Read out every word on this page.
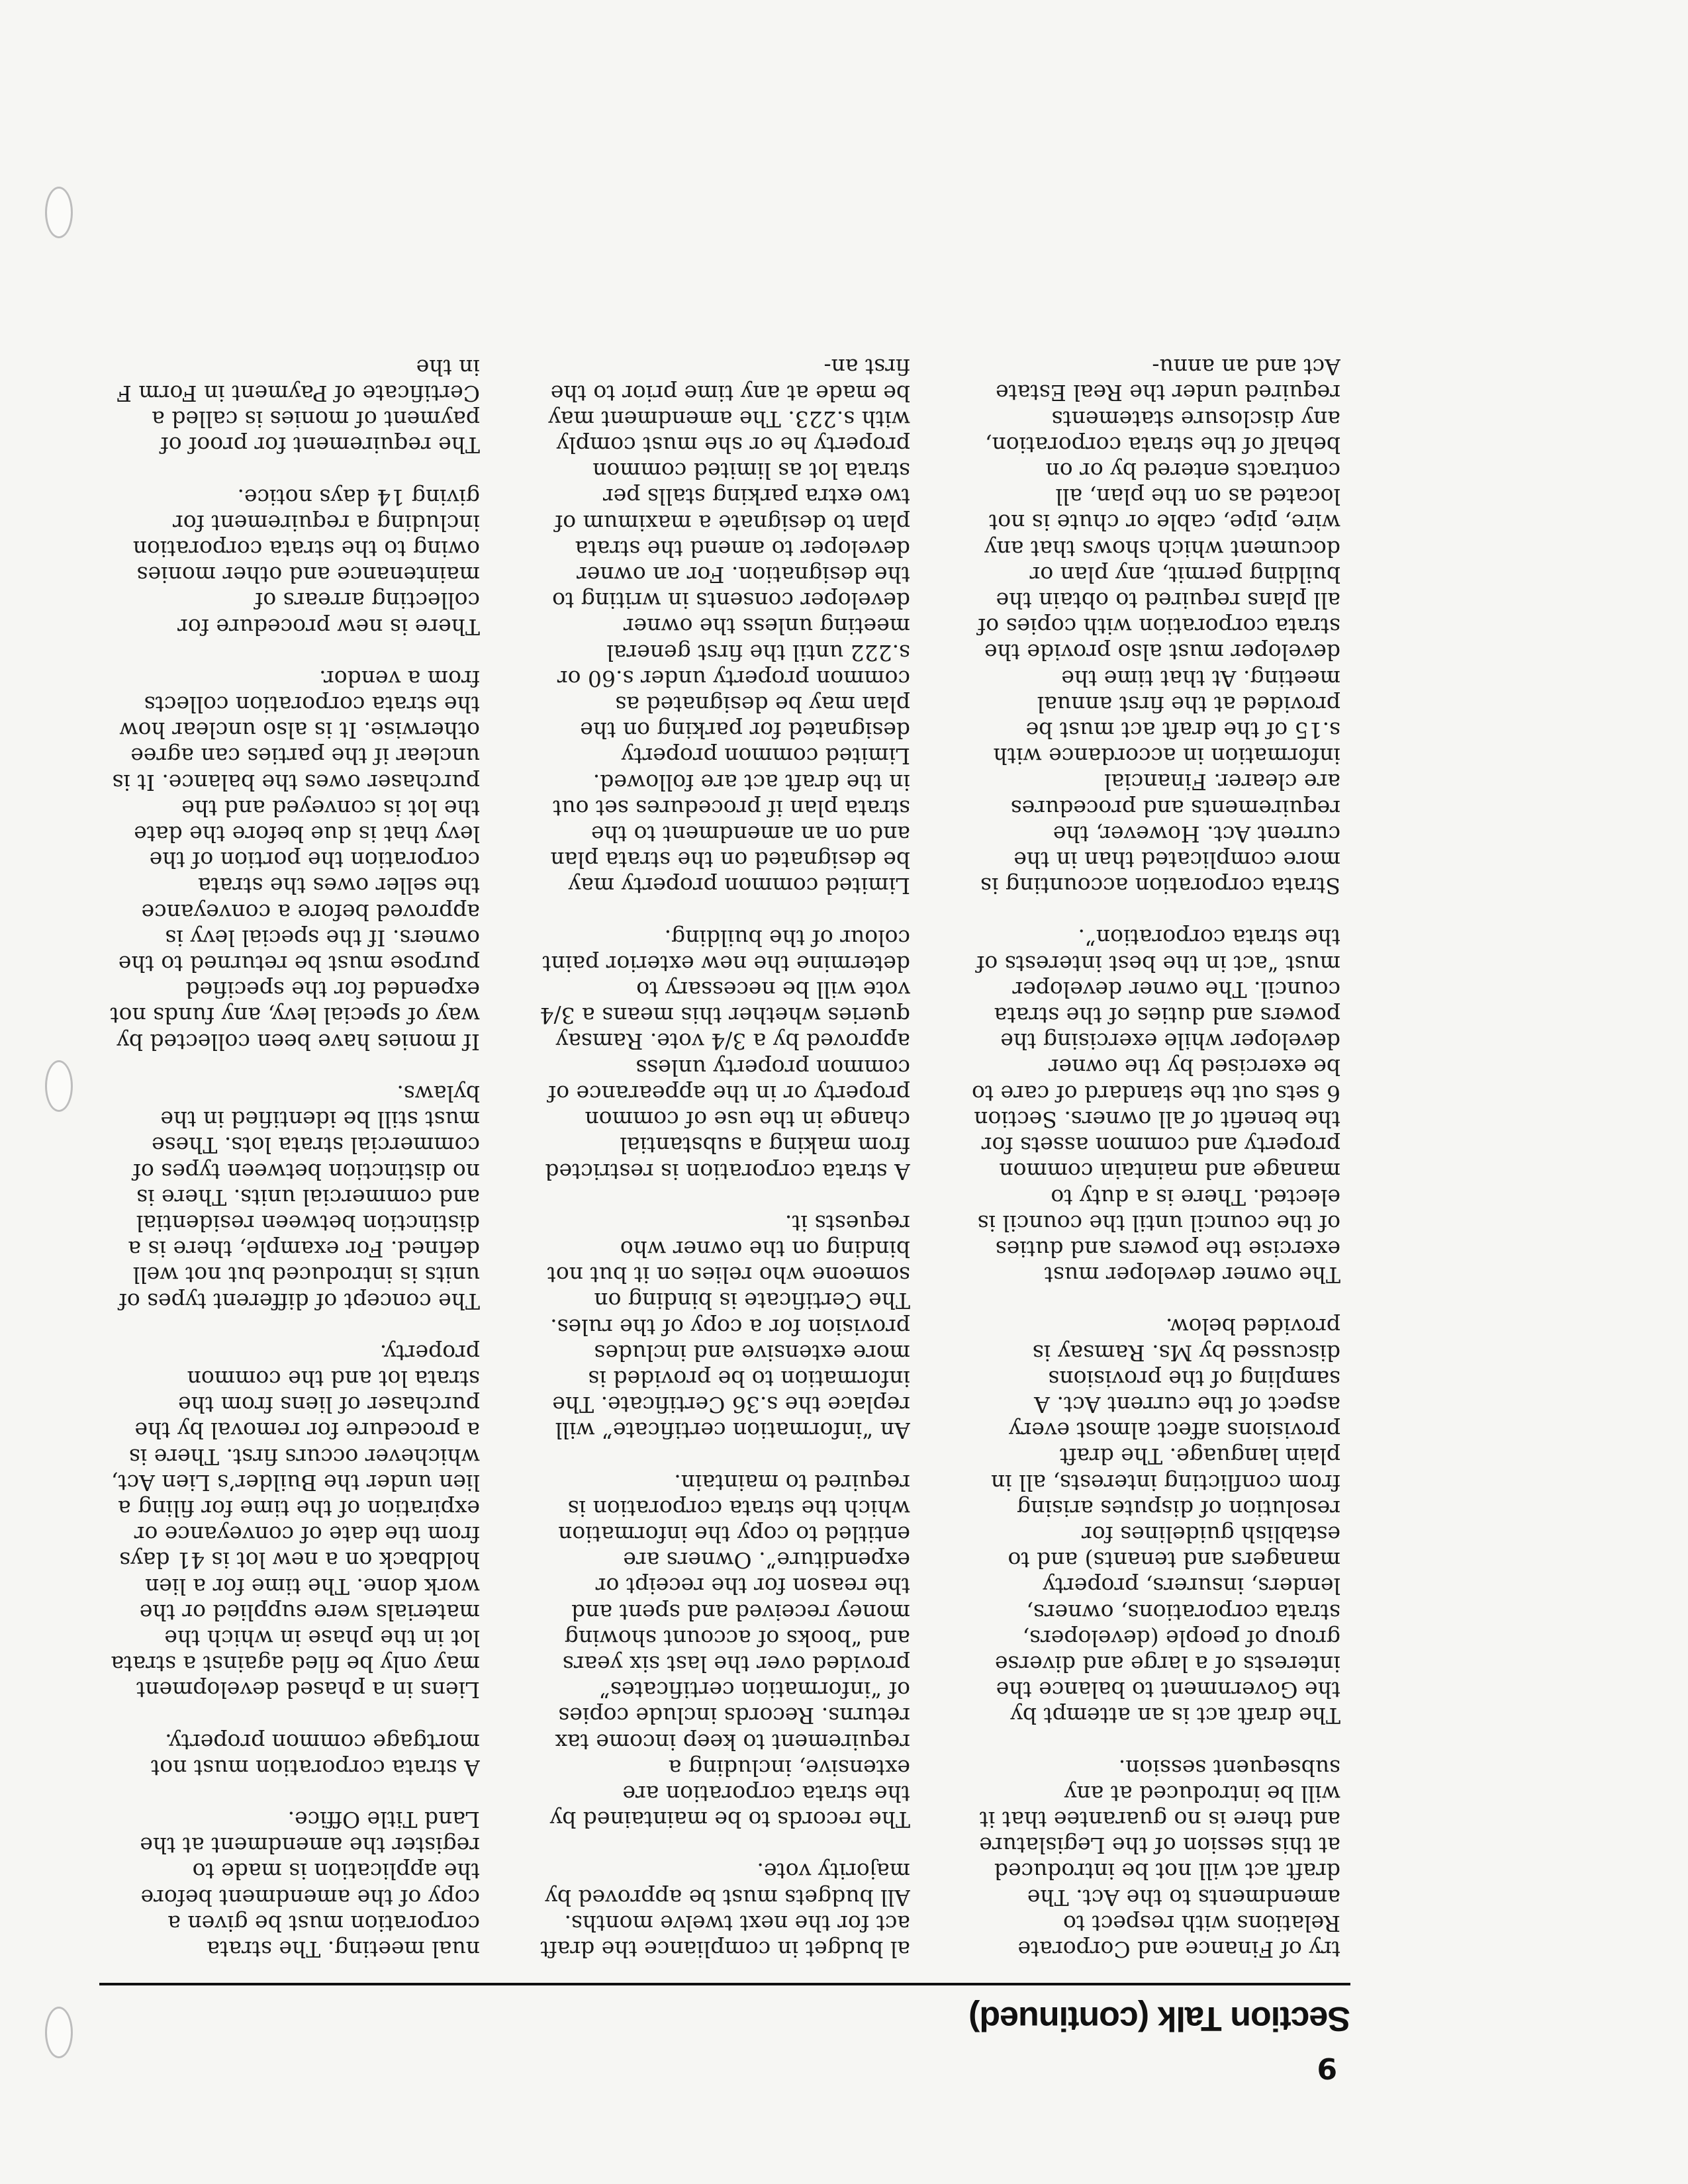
9
Section Talk (continued)

try of Finance and Corporate Relations with respect to amendments to the Act. The draft act will not be introduced at this session of the Legislature and there is no guarantee that it will be introduced at any subsequent session.

The draft act is an attempt by the Government to balance the interests of a large and diverse group of people (developers, strata corporations, owners, lenders, insurers, property managers and tenants) and to establish guidelines for resolution of disputes arising from conflicting interests, all in plain language. The draft provisions affect almost every aspect of the current Act. A sampling of the provisions discussed by Ms. Ramsay is provided below.

The owner developer must exercise the powers and duties of the council until the council is elected. There is a duty to manage and maintain common property and common assets for the benefit of all owners. Section 6 sets out the standard of care to be exercised by the owner developer while exercising the powers and duties of the strata council. The owner developer must “act in the best interests of the strata corporation”.

Strata corporation accounting is more complicated than in the current Act. However, the requirements and procedures are clearer. Financial information in accordance with s.15 of the draft act must be provided at the first annual meeting. At that time the developer must also provide the strata corporation with copies of all plans required to obtain the building permit, any plan or document which shows that any wire, pipe, cable or chute is not located as on the plan, all contracts entered by or on behalf of the strata corporation, any disclosure statements required under the Real Estate Act and an annu-

al budget in compliance the draft act for the next twelve months. All budgets must be approved by majority vote.

The records to be maintained by the strata corporation are extensive, including a requirement to keep income tax returns. Records include copies of “information certificates” provided over the last six years and “books of account showing money received and spent and the reason for the receipt or expenditure”. Owners are entitled to copy the information which the strata corporation is required to maintain.

An “information certificate” will replace the s.36 Certificate. The information to be provided is more extensive and includes provision for a copy of the rules. The Certificate is binding on someone who relies on it but not binding on the owner who requests it.

A strata corporation is restricted from making a substantial change in the use of common property or in the appearance of common property unless approved by a 3/4 vote. Ramsay queries whether this means a 3/4 vote will be necessary to determine the new exterior paint colour of the building.

Limited common property may be designated on the strata plan and on an amendment to the strata plan if procedures set out in the draft act are followed. Limited common property designated for parking on the plan may be designated as common property under s.60 or s.222 until the first general meeting unless the owner developer consents in writing to the designation. For an owner developer to amend the strata plan to designate a maximum of two extra parking stalls per strata lot as limited common property he or she must comply with s.223. The amendment may be made at any time prior to the first an-

nual meeting. The strata corporation must be given a copy of the amendment before the application is made to register the amendment at the Land Title Office.

A strata corporation must not mortgage common property.

Liens in a phased development may only be filed against a strata lot in the phase in which the materials were supplied or the work done. The time for a lien holdback on a new lot is 41 days from the date of conveyance or expiration of the time for filing a lien under the Builder’s Lien Act, whichever occurs first. There is a procedure for removal by the purchaser of liens from the strata lot and the common property.

The concept of different types of units is introduced but not well defined. For example, there is a distinction between residential and commercial units. There is no distinction between types of commercial strata lots. These must still be identified in the bylaws.

If monies have been collected by way of special levy, any funds not expended for the specified purpose must be returned to the owners. If the special levy is approved before a conveyance the seller owes the strata corporation the portion of the levy that is due before the date the lot is conveyed and the purchaser owes the balance. It is unclear if the parties can agree otherwise. It is also unclear how the strata corporation collects from a vendor.

There is new procedure for collecting arrears of maintenance and other monies owing to the strata corporation including a requirement for giving 14 days notice.

The requirement for proof of payment of monies is called a Certificate of Payment in Form F in the
